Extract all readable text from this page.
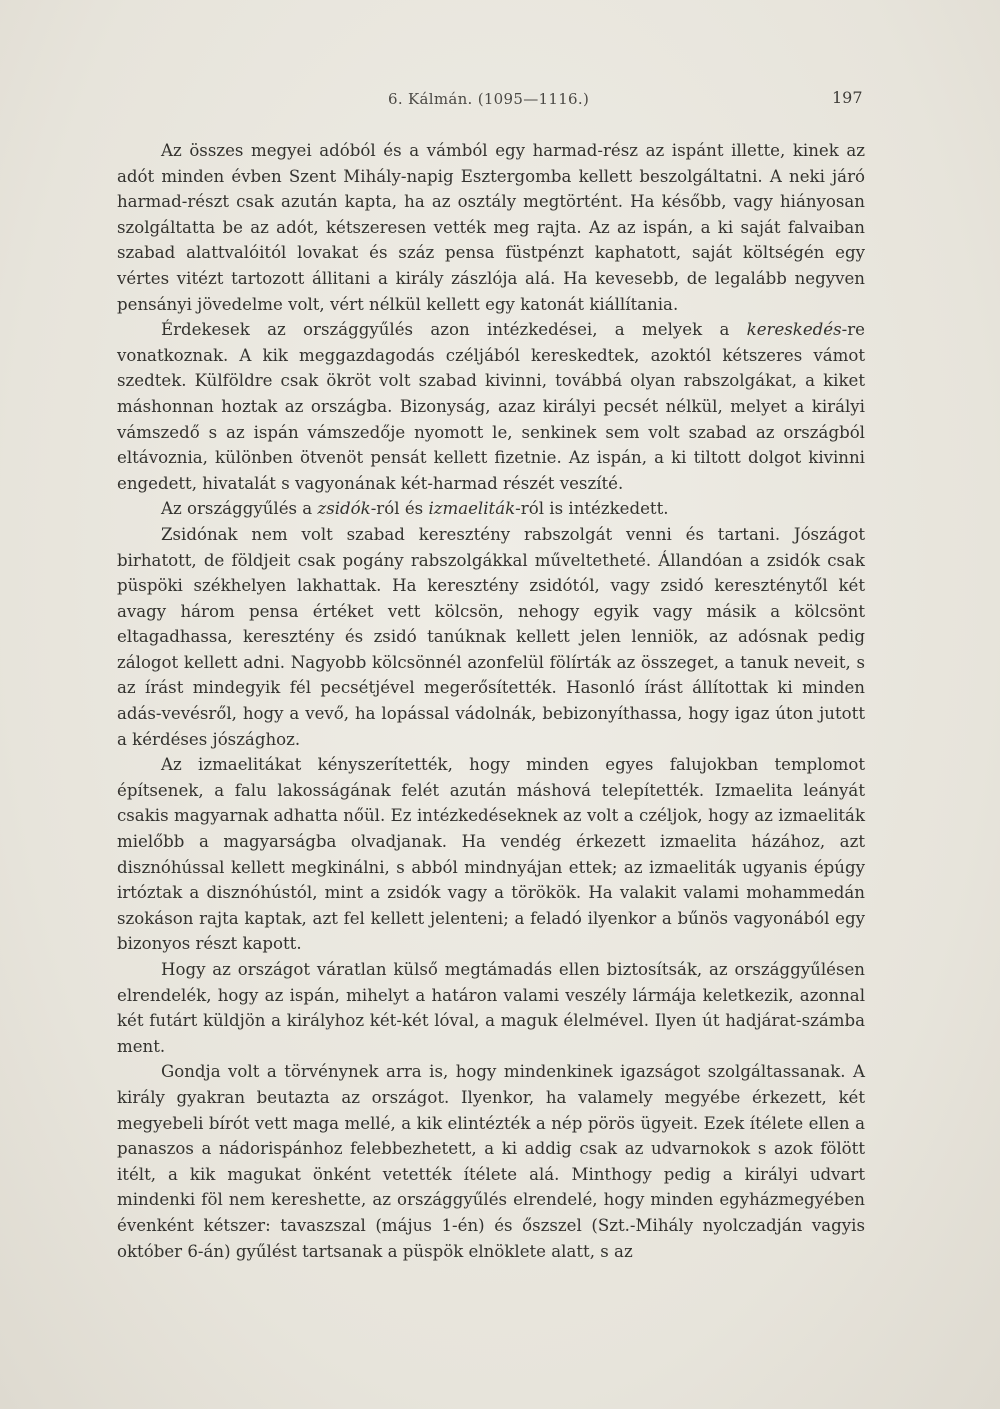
6. Kálmán. (1095—1116.)	197

Az összes megyei adóból és a vámból egy harmad-rész az ispánt illette, kinek az adót minden évben Szent Mihály-napig Esztergomba kellett beszolgáltatni. A neki járó harmad-részt csak azután kapta, ha az osztály megtörtént. Ha később, vagy hiányosan szolgáltatta be az adót, kétszeresen vették meg rajta. Az az ispán, a ki saját falvaiban szabad alattvalóitól lovakat és száz pensa füstpénzt kaphatott, saját költségén egy vértes vitézt tartozott állitani a király zászlója alá. Ha kevesebb, de legalább negyven pensányi jövedelme volt, vért nélkül kellett egy katonát kiállítania.

Érdekesek az országgyűlés azon intézkedései, a melyek a kereskedés-re vonatkoznak. A kik meggazdagodás czéljából kereskedtek, azoktól kétszeres vámot szedtek. Külföldre csak ökröt volt szabad kivinni, továbbá olyan rabszolgákat, a kiket máshonnan hoztak az országba. Bizonyság, azaz királyi pecsét nélkül, melyet a királyi vámszedő s az ispán vámszedője nyomott le, senkinek sem volt szabad az országból eltávoznia, különben ötvenöt pensát kellett fizetnie. Az ispán, a ki tiltott dolgot kivinni engedett, hivatalát s vagyonának két-harmad részét veszíté.

Az országgyűlés a zsidók-ról és izmaeliták-ról is intézkedett.

Zsidónak nem volt szabad keresztény rabszolgát venni és tartani. Jószágot birhatott, de földjeit csak pogány rabszolgákkal műveltetheté. Állandóan a zsidók csak püspöki székhelyen lakhattak. Ha keresztény zsidótól, vagy zsidó kereszténytől két avagy három pensa értéket vett kölcsön, nehogy egyik vagy másik a kölcsönt eltagadhassa, keresztény és zsidó tanúknak kellett jelen lenniök, az adósnak pedig zálogot kellett adni. Nagyobb kölcsönnél azonfelül fölírták az összeget, a tanuk neveit, s az írást mindegyik fél pecsétjével megerősítették. Hasonló írást állítottak ki minden adás-vevésről, hogy a vevő, ha lopással vádolnák, bebizonyíthassa, hogy igaz úton jutott a kérdéses jószághoz.

Az izmaelitákat kényszerítették, hogy minden egyes falujokban templomot építsenek, a falu lakosságának felét azután máshová telepítették. Izmaelita leányát csakis magyarnak adhatta nőül. Ez intézkedéseknek az volt a czéljok, hogy az izmaeliták mielőbb a magyarságba olvadjanak. Ha vendég érkezett izmaelita házához, azt disznóhússal kellett megkinálni, s abból mindnyájan ettek; az izmaeliták ugyanis épúgy irtóztak a disznóhústól, mint a zsidók vagy a törökök. Ha valakit valami mohammedán szokáson rajta kaptak, azt fel kellett jelenteni; a feladó ilyenkor a bűnös vagyonából egy bizonyos részt kapott.

Hogy az országot váratlan külső megtámadás ellen biztosítsák, az országgyűlésen elrendelék, hogy az ispán, mihelyt a határon valami veszély lármája keletkezik, azonnal két futárt küldjön a királyhoz két-két lóval, a maguk élelmével. Ilyen út hadjárat-számba ment.

Gondja volt a törvénynek arra is, hogy mindenkinek igazságot szolgáltassanak. A király gyakran beutazta az országot. Ilyenkor, ha valamely megyébe érkezett, két megyebeli bírót vett maga mellé, a kik elintézték a nép pörös ügyeit. Ezek ítélete ellen a panaszos a nádorispánhoz felebbezhetett, a ki addig csak az udvarnokok s azok fölött itélt, a kik magukat önként vetették ítélete alá. Minthogy pedig a királyi udvart mindenki föl nem kereshette, az országgyűlés elrendelé, hogy minden egyházmegyében évenként kétszer: tavaszszal (május 1-én) és őszszel (Szt.-Mihály nyolczadján vagyis október 6-án) gyűlést tartsanak a püspök elnöklete alatt, s az
